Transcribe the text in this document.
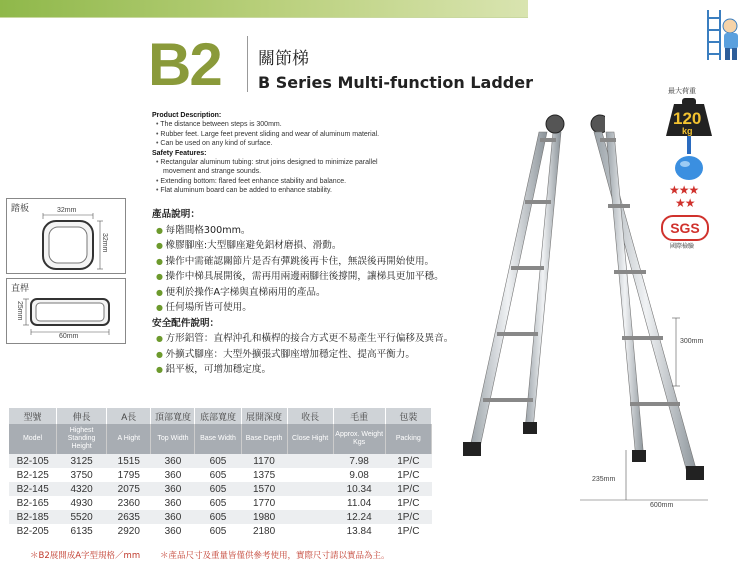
B2 關節梯
B Series Multi-function Ladder
Product Description:
• The distance between steps is 300mm.
• Rubber feet. Large feet prevent sliding and wear of aluminum material.
• Can be used on any kind of surface.
Safety Features:
• Rectangular aluminum tubing: strut joins designed to minimize parallel
movement and strange sounds.
• Extending bottom: flared feet enhance stability and balance.
• Flat aluminum board can be added to enhance stability.
產品說明：
● 每階間格300mm。
● 橡膠腳座:大型腳座避免鋁材磨損、滑動。
● 操作中需確認關節片是否有彈跳後再卡住，無誤後再開始使用。
● 操作中梯具展開後，需再用兩邊兩腳往後撐開，讓梯具更加平穩。
● 便利於操作A字梯與直梯兩用的產品。
● 任何場所皆可使用。
安全配件說明：
● 方形鋁管：直桿沖孔和橫桿的接合方式更不易產生平行偏移及異音。
● 外擴式腳座：大型外擴張式腳座增加穩定性、提高平衡力。
● 鋁平板，可增加穩定度。
踏板	32mm
32mm
直桿
25mm
60mm
最大荷重
120
kg
★★★
★★
SGS
國際檢驗
300mm
235mm
600mm
型號	伸長	A長	頂部寬度	底部寬度	展開深度	收長	毛重	包裝
Model	Highest Standing Height	A Hight	Top Width	Base Width	Base Depth	Close Hight	Approx. Weight Kgs	Packing
B2-105	3125	1515	360	605	1170		7.98	1P/C
B2-125	3750	1795	360	605	1375		9.08	1P/C
B2-145	4320	2075	360	605	1570		10.34	1P/C
B2-165	4930	2360	360	605	1770		11.04	1P/C
B2-185	5520	2635	360	605	1980		12.24	1P/C
B2-205	6135	2920	360	605	2180		13.84	1P/C
＊B2展開成A字型規格／mm ＊產品尺寸及重量皆僅供參考使用，實際尺寸請以實品為主。
